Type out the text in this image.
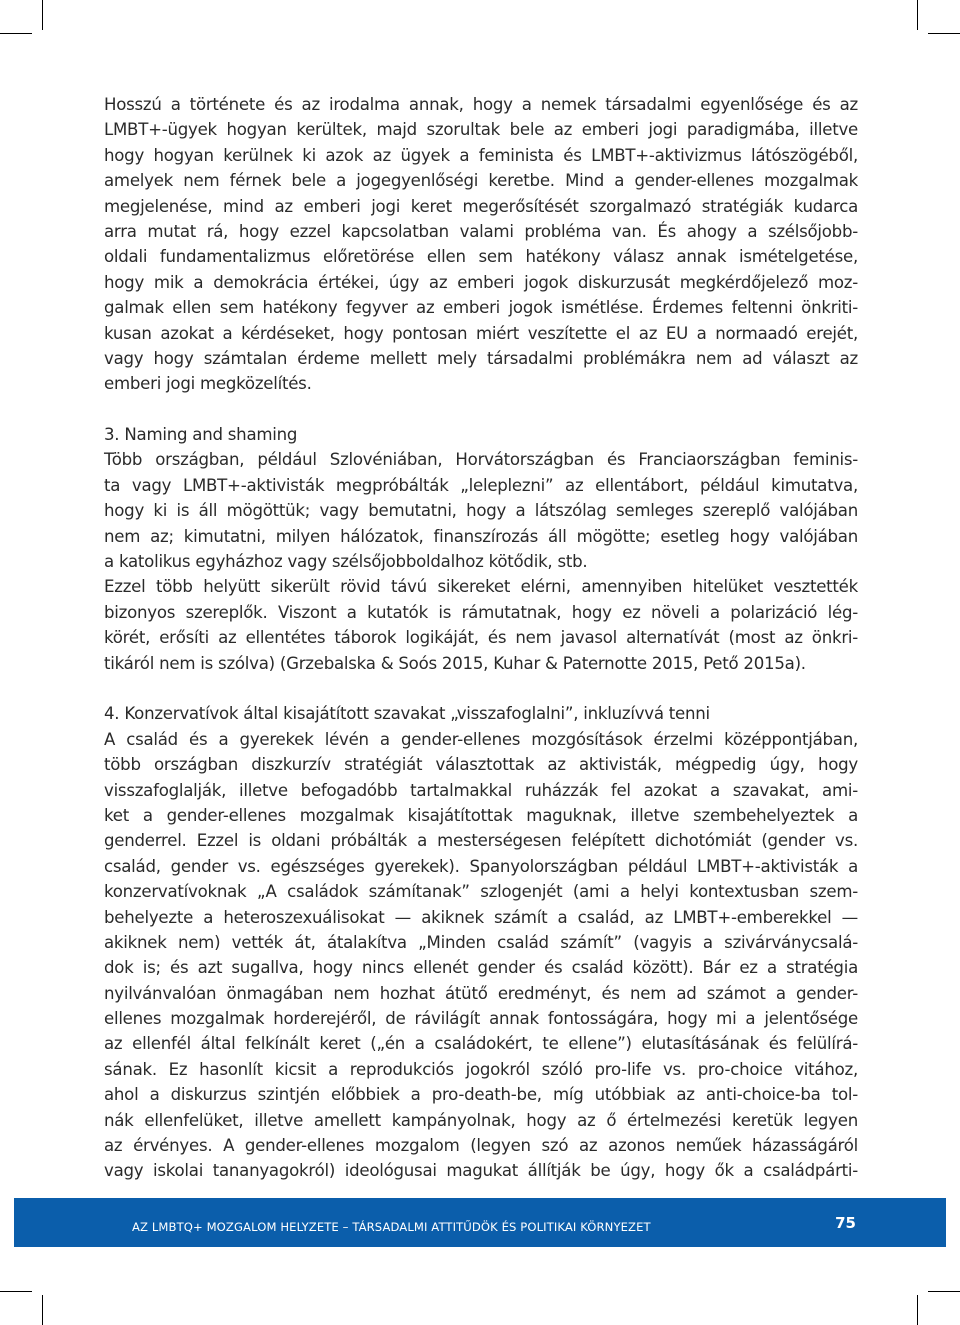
Hosszú a története és az irodalma annak, hogy a nemek társadalmi egyenlősége és az
LMBT+-ügyek hogyan kerültek, majd szorultak bele az emberi jogi paradigmába, illetve
hogy hogyan kerülnek ki azok az ügyek a feminista és LMBT+-aktivizmus látószögéből,
amelyek nem férnek bele a jogegyenlőségi keretbe. Mind a gender-ellenes mozgalmak
megjelenése, mind az emberi jogi keret megerősítését szorgalmazó stratégiák kudarca
arra mutat rá, hogy ezzel kapcsolatban valami probléma van. És ahogy a szélsőjobb-
oldali fundamentalizmus előretörése ellen sem hatékony válasz annak ismételgetése,
hogy mik a demokrácia értékei, úgy az emberi jogok diskurzusát megkérdőjelező moz-
galmak ellen sem hatékony fegyver az emberi jogok ismétlése. Érdemes feltenni önkriti-
kusan azokat a kérdéseket, hogy pontosan miért veszítette el az EU a normaadó erejét,
vagy hogy számtalan érdeme mellett mely társadalmi problémákra nem ad választ az
emberi jogi megközelítés.
3. Naming and shaming
Több országban, például Szlovéniában, Horvátországban és Franciaországban feminis-
ta vagy LMBT+-aktivisták megpróbálták „leleplezni” az ellentábort, például kimutatva,
hogy ki is áll mögöttük; vagy bemutatni, hogy a látszólag semleges szereplő valójában
nem az; kimutatni, milyen hálózatok, finanszírozás áll mögötte; esetleg hogy valójában
a katolikus egyházhoz vagy szélsőjobboldalhoz kötődik, stb.
Ezzel több helyütt sikerült rövid távú sikereket elérni, amennyiben hitelüket vesztették
bizonyos szereplők. Viszont a kutatók is rámutatnak, hogy ez növeli a polarizáció lég-
körét, erősíti az ellentétes táborok logikáját, és nem javasol alternatívát (most az önkri-
tikáról nem is szólva) (Grzebalska & Soós 2015, Kuhar & Paternotte 2015, Pető 2015a).
4. Konzervatívok által kisajátított szavakat „visszafoglalni”, inkluzívvá tenni
A család és a gyerekek lévén a gender-ellenes mozgósítások érzelmi középpontjában,
több országban diszkurzív stratégiát választottak az aktivisták, mégpedig úgy, hogy
visszafoglalják, illetve befogadóbb tartalmakkal ruházzák fel azokat a szavakat, ami-
ket a gender-ellenes mozgalmak kisajátítottak maguknak, illetve szembehelyeztek a
genderrel. Ezzel is oldani próbálták a mesterségesen felépített dichotómiát (gender vs.
család, gender vs. egészséges gyerekek). Spanyolországban például LMBT+-aktivisták a
konzervatívoknak „A családok számítanak” szlogenjét (ami a helyi kontextusban szem-
behelyezte a heteroszexuálisokat — akiknek számít a család, az LMBT+-emberekkel —
akiknek nem) vették át, átalakítva „Minden család számít” (vagyis a szivárványcsalá-
dok is; és azt sugallva, hogy nincs ellenét gender és család között). Bár ez a stratégia
nyilvánvalóan önmagában nem hozhat átütő eredményt, és nem ad számot a gender-
ellenes mozgalmak horderejéről, de rávilágít annak fontosságára, hogy mi a jelentősége
az ellenfél által felkínált keret („én a családokért, te ellene”) elutasításának és felülírá-
sának. Ez hasonlít kicsit a reprodukciós jogokról szóló pro-life vs. pro-choice vitához,
ahol a diskurzus szintjén előbbiek a pro-death-be, míg utóbbiak az anti-choice-ba tol-
nák ellenfelüket, illetve amellett kampányolnak, hogy az ő értelmezési keretük legyen
az érvényes. A gender-ellenes mozgalom (legyen szó az azonos neműek házasságáról
vagy iskolai tananyagokról) ideológusai magukat állítják be úgy, hogy ők a családpárti-
AZ LMBTQ+ MOZGALOM HELYZETE – TÁRSADALMI ATTITŰDÖK ÉS POLITIKAI KÖRNYEZET	75
